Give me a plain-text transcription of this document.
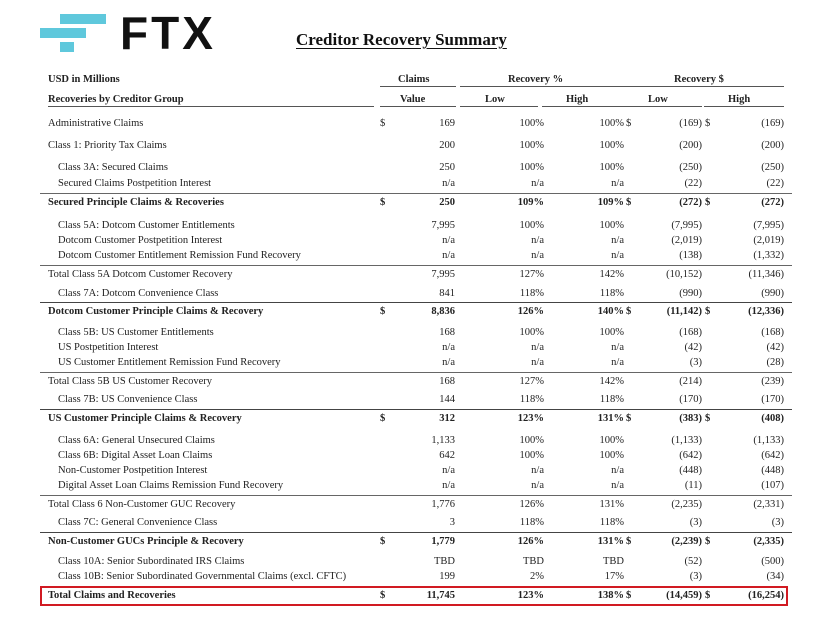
FTX	Creditor Recovery Summary
USD in Millions	Claims	Recovery %	Recovery $
Recoveries by Creditor Group	Value	Low	High	Low	High
Administrative Claims	$	169	100%	100% $	(169) $	(169)
Class 1: Priority Tax Claims	200	100%	100%	(200)	(200)
Class 3A: Secured Claims	250	100%	100%	(250)	(250)
Secured Claims Postpetition Interest	n/a	n/a	n/a	(22)	(22)
Secured Principle Claims & Recoveries	$	250	109%	109% $	(272) $	(272)
Class 5A: Dotcom Customer Entitlements	7,995	100%	100%	(7,995)	(7,995)
Dotcom Customer Postpetition Interest	n/a	n/a	n/a	(2,019)	(2,019)
Dotcom Customer Entitlement Remission Fund Recovery	n/a	n/a	n/a	(138)	(1,332)
Total Class 5A Dotcom Customer Recovery	7,995	127%	142%	(10,152)	(11,346)
Class 7A: Dotcom Convenience Class	841	118%	118%	(990)	(990)
Dotcom Customer Principle Claims & Recovery	$	8,836	126%	140% $	(11,142) $	(12,336)
Class 5B: US Customer Entitlements	168	100%	100%	(168)	(168)
US Postpetition Interest	n/a	n/a	n/a	(42)	(42)
US Customer Entitlement Remission Fund Recovery	n/a	n/a	n/a	(3)	(28)
Total Class 5B US Customer Recovery	168	127%	142%	(214)	(239)
Class 7B: US Convenience Class	144	118%	118%	(170)	(170)
US Customer Principle Claims & Recovery	$	312	123%	131% $	(383) $	(408)
Class 6A: General Unsecured Claims	1,133	100%	100%	(1,133)	(1,133)
Class 6B: Digital Asset Loan Claims	642	100%	100%	(642)	(642)
Non-Customer Postpetition Interest	n/a	n/a	n/a	(448)	(448)
Digital Asset Loan Claims Remission Fund Recovery	n/a	n/a	n/a	(11)	(107)
Total Class 6 Non-Customer GUC Recovery	1,776	126%	131%	(2,235)	(2,331)
Class 7C: General Convenience Class	3	118%	118%	(3)	(3)
Non-Customer GUCs Principle & Recovery	$	1,779	126%	131% $	(2,239) $	(2,335)
Class 10A: Senior Subordinated IRS Claims	TBD	TBD	TBD	(52)	(500)
Class 10B: Senior Subordinated Governmental Claims (excl. CFTC)	199	2%	17%	(3)	(34)
Total Claims and Recoveries	$	11,745	123%	138% $	(14,459) $	(16,254)
